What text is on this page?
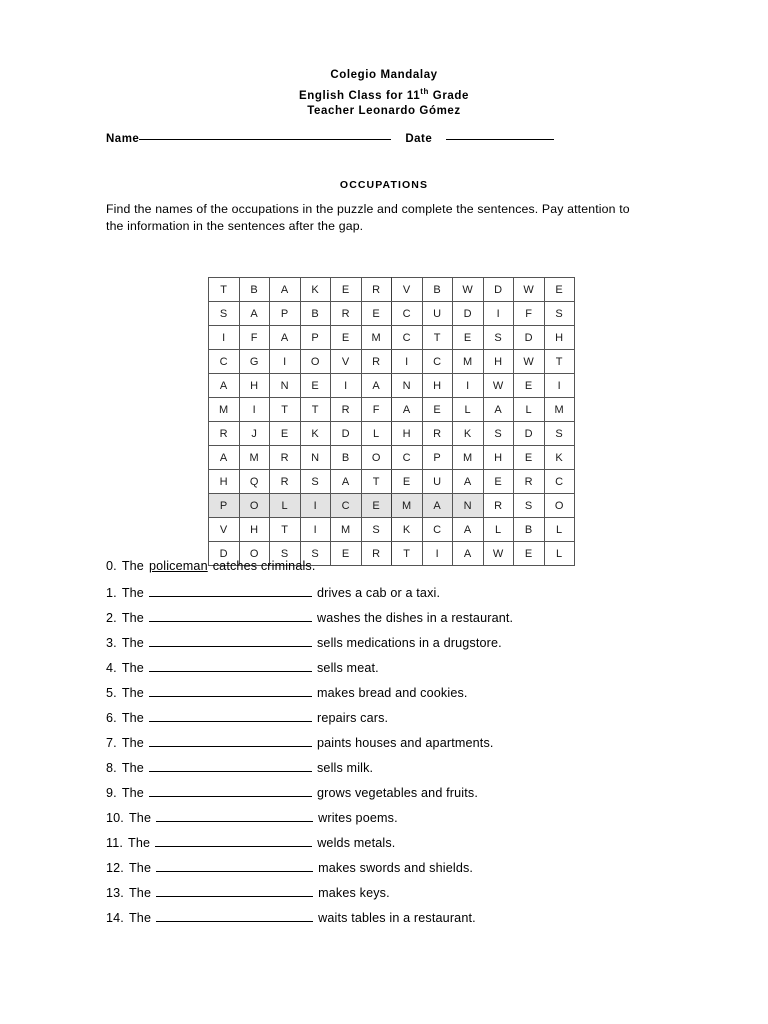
Colegio Mandalay
English Class for 11th Grade
Teacher Leonardo Gómez
Name	Date
OCCUPATIONS
Find the names of the occupations in the puzzle and complete the sentences. Pay attention to the information in the sentences after the gap.
T	B	A	K	E	R	V	B	W	D	W	E
S	A	P	B	R	E	C	U	D	I	F	S
I	F	A	P	E	M	C	T	E	S	D	H
C	G	I	O	V	R	I	C	M	H	W	T
A	H	N	E	I	A	N	H	I	W	E	I
M	I	T	T	R	F	A	E	L	A	L	M
R	J	E	K	D	L	H	R	K	S	D	S
A	M	R	N	B	O	C	P	M	H	E	K
H	Q	R	S	A	T	E	U	A	E	R	C
P	O	L	I	C	E	M	A	N	R	S	O
V	H	T	I	M	S	K	C	A	L	B	L
D	O	S	S	E	R	T	I	A	W	E	L
0. The policeman catches criminals.
1. The	drives a cab or a taxi.
2. The	washes the dishes in a restaurant.
3. The	sells medications in a drugstore.
4. The	sells meat.
5. The	makes bread and cookies.
6. The	repairs cars.
7. The	paints houses and apartments.
8. The	sells milk.
9. The	grows vegetables and fruits.
10. The	writes poems.
11. The	welds metals.
12. The	makes swords and shields.
13. The	makes keys.
14. The	waits tables in a restaurant.
